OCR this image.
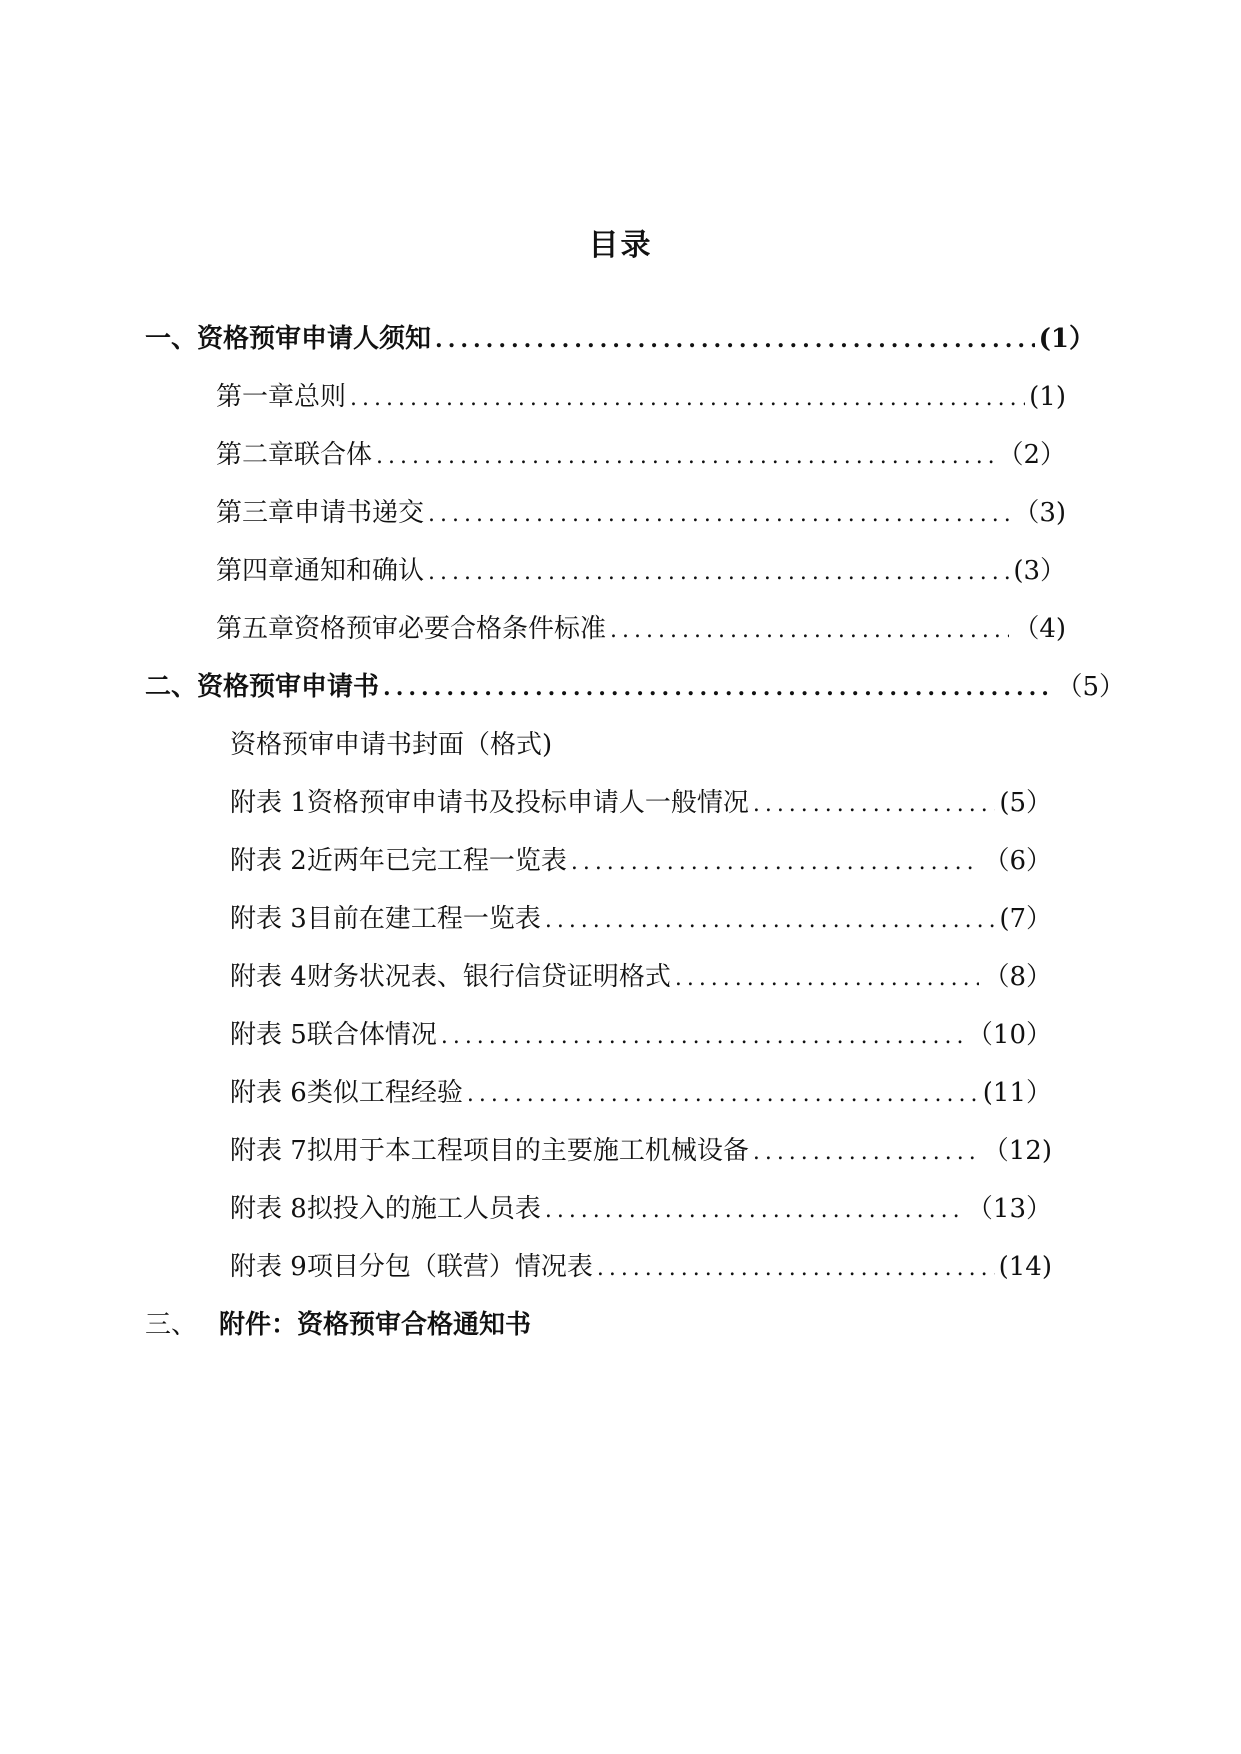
目录
一、 资格预审申请人须知 .....	(1）
第一章 总则 .....	(1)
第二章 联合体 .....	（2）
第三章 申请书递交 .....	（3)
第四章 通知和确认 .....	(3）
第五章 资格预审必要合格条件标准 .....	（4)
二、 资格预审申请书 .....	（5）
资格预审申请书封面（格式)
附表 1 资格预审申请书及投标申请人一般情况 .....	(5）
附表 2 近两年已完工程一览表 .....	（6）
附表 3 目前在建工程一览表 .....	(7）
附表 4 财务状况表、银行信贷证明格式 .....	（8）
附表 5 联合体情况 .....	（10）
附表 6 类似工程经验 .....	(11）
附表 7 拟用于本工程项目的主要施工机械设备 .....	（12)
附表 8 拟投入的施工人员表 .....	（13）
附表 9 项目分包（联营）情况表 .....	(14)
三、 附件：资格预审合格通知书
